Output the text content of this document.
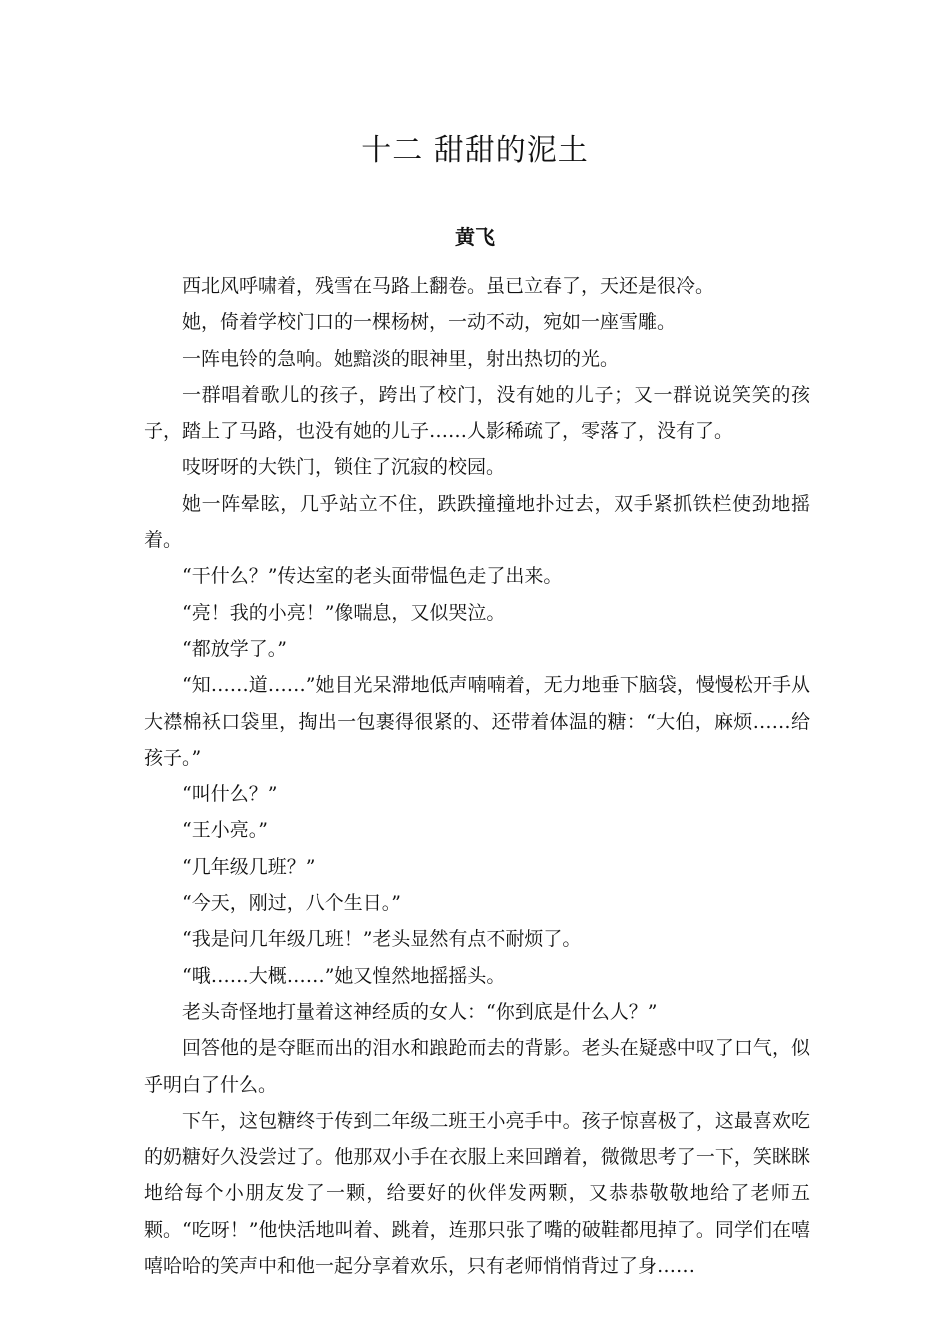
十二 甜甜的泥土
黄飞

西北风呼啸着，残雪在马路上翻卷。虽已立春了，天还是很冷。

她，倚着学校门口的一棵杨树，一动不动，宛如一座雪雕。

一阵电铃的急响。她黯淡的眼神里，射出热切的光。

一群唱着歌儿的孩子，跨出了校门，没有她的儿子；又一群说说笑笑的孩子，踏上了马路，也没有她的儿子……人影稀疏了，零落了，没有了。

吱呀呀的大铁门，锁住了沉寂的校园。

她一阵晕眩，几乎站立不住，跌跌撞撞地扑过去，双手紧抓铁栏使劲地摇着。

“干什么？”传达室的老头面带愠色走了出来。

“亮！我的小亮！”像喘息，又似哭泣。

“都放学了。”

“知……道……”她目光呆滞地低声喃喃着，无力地垂下脑袋，慢慢松开手从大襟棉袄口袋里，掏出一包裹得很紧的、还带着体温的糖：“大伯，麻烦……给孩子。”

“叫什么？”

“王小亮。”

“几年级几班？”

“今天，刚过，八个生日。”

“我是问几年级几班！”老头显然有点不耐烦了。

“哦……大概……”她又惶然地摇摇头。

老头奇怪地打量着这神经质的女人：“你到底是什么人？”

回答他的是夺眶而出的泪水和踉跄而去的背影。老头在疑惑中叹了口气，似乎明白了什么。

下午，这包糖终于传到二年级二班王小亮手中。孩子惊喜极了，这最喜欢吃的奶糖好久没尝过了。他那双小手在衣服上来回蹭着，微微思考了一下，笑眯眯地给每个小朋友发了一颗，给要好的伙伴发两颗，又恭恭敬敬地给了老师五颗。“吃呀！”他快活地叫着、跳着，连那只张了嘴的破鞋都甩掉了。同学们在嘻嘻哈哈的笑声中和他一起分享着欢乐，只有老师悄悄背过了身……
